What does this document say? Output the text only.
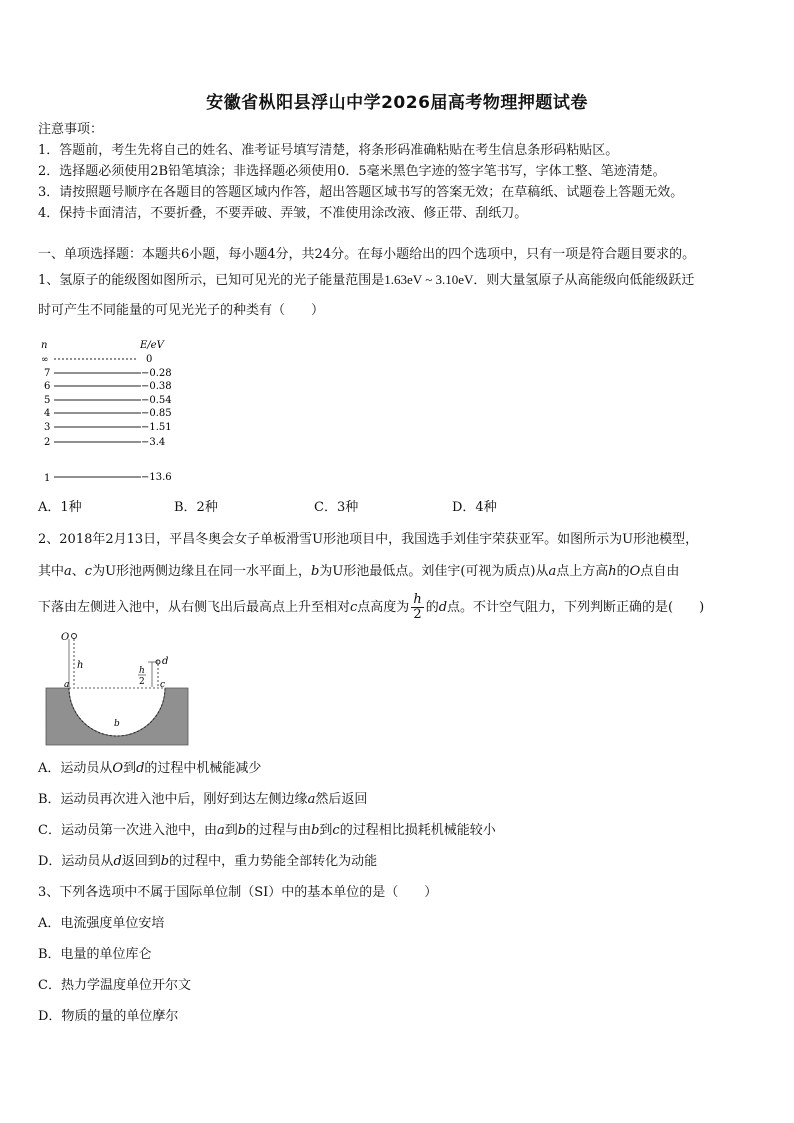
安徽省枞阳县浮山中学2026届高考物理押题试卷
注意事项：
1．答题前，考生先将自己的姓名、准考证号填写清楚，将条形码准确粘贴在考生信息条形码粘贴区。
2．选择题必须使用2B铅笔填涂；非选择题必须使用0．5毫米黑色字迹的签字笔书写，字体工整、笔迹清楚。
3．请按照题号顺序在各题目的答题区域内作答，超出答题区域书写的答案无效；在草稿纸、试题卷上答题无效。
4．保持卡面清洁，不要折叠，不要弄破、弄皱，不准使用涂改液、修正带、刮纸刀。
一、单项选择题：本题共6小题，每小题4分，共24分。在每小题给出的四个选项中，只有一项是符合题目要求的。
1、氢原子的能级图如图所示，已知可见光的光子能量范围是1.63eV ~ 3.10eV．则大量氢原子从高能级向低能级跃迁
时可产生不同能量的可见光光子的种类有（　　）
n	E/eV
∞	0
7	−0.28
6	−0.38
5	−0.54
4	−0.85
3	−1.51
2	−3.4
1	−13.6
A．1种	B．2种	C．3种	D．4种
2、2018年2月13日，平昌冬奥会女子单板滑雪U形池项目中，我国选手刘佳宇荣获亚军。如图所示为U形池模型，
其中a、c为U形池两侧边缘且在同一水平面上，b为U形池最低点。刘佳宇(可视为质点)从a点上方高h的O点自由
下落由左侧进入池中，从右侧飞出后最高点上升至相对c点高度为 $\frac{h}{2}$ 的d点。不计空气阻力，下列判断正确的是(　　)
O
h
a
b
c
d
h
2
A．运动员从O到d的过程中机械能减少
B．运动员再次进入池中后，刚好到达左侧边缘a然后返回
C．运动员第一次进入池中，由a到b的过程与由b到c的过程相比损耗机械能较小
D．运动员从d返回到b的过程中，重力势能全部转化为动能
3、下列各选项中不属于国际单位制（SI）中的基本单位的是（　　）
A．电流强度单位安培
B．电量的单位库仑
C．热力学温度单位开尔文
D．物质的量的单位摩尔
